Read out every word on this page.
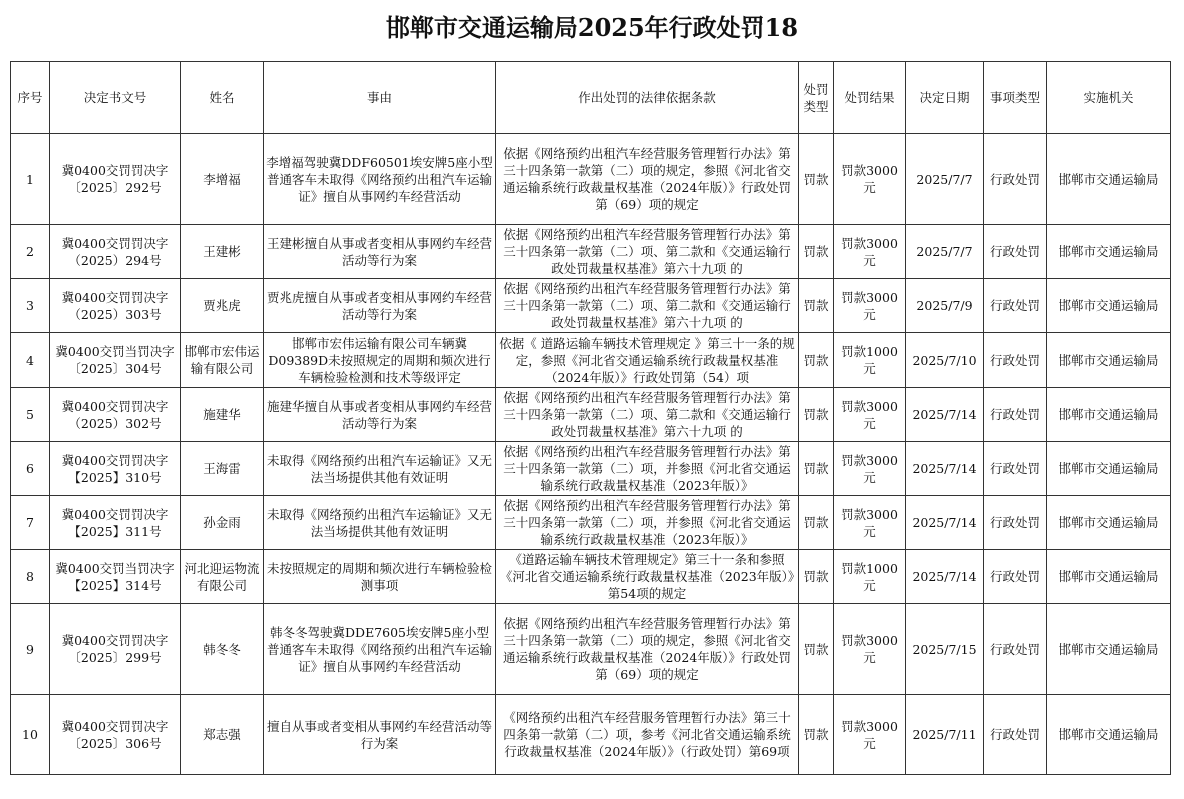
邯郸市交通运输局2025年行政处罚18
序号	决定书文号	姓名	事由	作出处罚的法律依据条款	处罚类型	处罚结果	决定日期	事项类型	实施机关
1	冀0400交罚罚决字〔2025〕292号	李增福	李增福驾驶冀DDF60501埃安牌5座小型普通客车未取得《网络预约出租汽车运输证》擅自从事网约车经营活动	依据《网络预约出租汽车经营服务管理暂行办法》第三十四条第一款第（二）项的规定，参照《河北省交通运输系统行政裁量权基准（2024年版）》行政处罚第（69）项的规定	罚款	罚款3000元	2025/7/7	行政处罚	邯郸市交通运输局
2	冀0400交罚罚决字（2025）294号	王建彬	王建彬擅自从事或者变相从事网约车经营活动等行为案	依据《网络预约出租汽车经营服务管理暂行办法》第三十四条第一款第（二）项、第二款和《交通运输行政处罚裁量权基准》第六十九项 的	罚款	罚款3000元	2025/7/7	行政处罚	邯郸市交通运输局
3	冀0400交罚罚决字（2025）303号	贾兆虎	贾兆虎擅自从事或者变相从事网约车经营活动等行为案	依据《网络预约出租汽车经营服务管理暂行办法》第三十四条第一款第（二）项、第二款和《交通运输行政处罚裁量权基准》第六十九项 的	罚款	罚款3000元	2025/7/9	行政处罚	邯郸市交通运输局
4	冀0400交罚当罚决字〔2025〕304号	邯郸市宏伟运输有限公司	邯郸市宏伟运输有限公司车辆冀D09389D未按照规定的周期和频次进行车辆检验检测和技术等级评定	依据《 道路运输车辆技术管理规定 》第三十一条的规定，参照《河北省交通运输系统行政裁量权基准（2024年版）》行政处罚第（54）项	罚款	罚款1000元	2025/7/10	行政处罚	邯郸市交通运输局
5	冀0400交罚罚决字（2025）302号	施建华	施建华擅自从事或者变相从事网约车经营活动等行为案	依据《网络预约出租汽车经营服务管理暂行办法》第三十四条第一款第（二）项、第二款和《交通运输行政处罚裁量权基准》第六十九项 的	罚款	罚款3000元	2025/7/14	行政处罚	邯郸市交通运输局
6	冀0400交罚罚决字【2025】310号	王海雷	未取得《网络预约出租汽车运输证》又无法当场提供其他有效证明	依据《网络预约出租汽车经营服务管理暂行办法》第三十四条第一款第（二）项，并参照《河北省交通运输系统行政裁量权基准（2023年版）》	罚款	罚款3000元	2025/7/14	行政处罚	邯郸市交通运输局
7	冀0400交罚罚决字【2025】311号	孙金雨	未取得《网络预约出租汽车运输证》又无法当场提供其他有效证明	依据《网络预约出租汽车经营服务管理暂行办法》第三十四条第一款第（二）项，并参照《河北省交通运输系统行政裁量权基准（2023年版）》	罚款	罚款3000元	2025/7/14	行政处罚	邯郸市交通运输局
8	冀0400交罚当罚决字【2025】314号	河北迎运物流有限公司	未按照规定的周期和频次进行车辆检验检测事项	《道路运输车辆技术管理规定》第三十一条和参照《河北省交通运输系统行政裁量权基准（2023年版）》第54项的规定	罚款	罚款1000元	2025/7/14	行政处罚	邯郸市交通运输局
9	冀0400交罚罚决字〔2025〕299号	韩冬冬	韩冬冬驾驶冀DDE7605埃安牌5座小型普通客车未取得《网络预约出租汽车运输证》擅自从事网约车经营活动	依据《网络预约出租汽车经营服务管理暂行办法》第三十四条第一款第（二）项的规定，参照《河北省交通运输系统行政裁量权基准（2024年版）》行政处罚第（69）项的规定	罚款	罚款3000元	2025/7/15	行政处罚	邯郸市交通运输局
10	冀0400交罚罚决字〔2025〕306号	郑志强	擅自从事或者变相从事网约车经营活动等行为案	《网络预约出租汽车经营服务管理暂行办法》第三十四条第一款第（二）项，参考《河北省交通运输系统行政裁量权基准（2024年版）》（行政处罚）第69项	罚款	罚款3000元	2025/7/11	行政处罚	邯郸市交通运输局
